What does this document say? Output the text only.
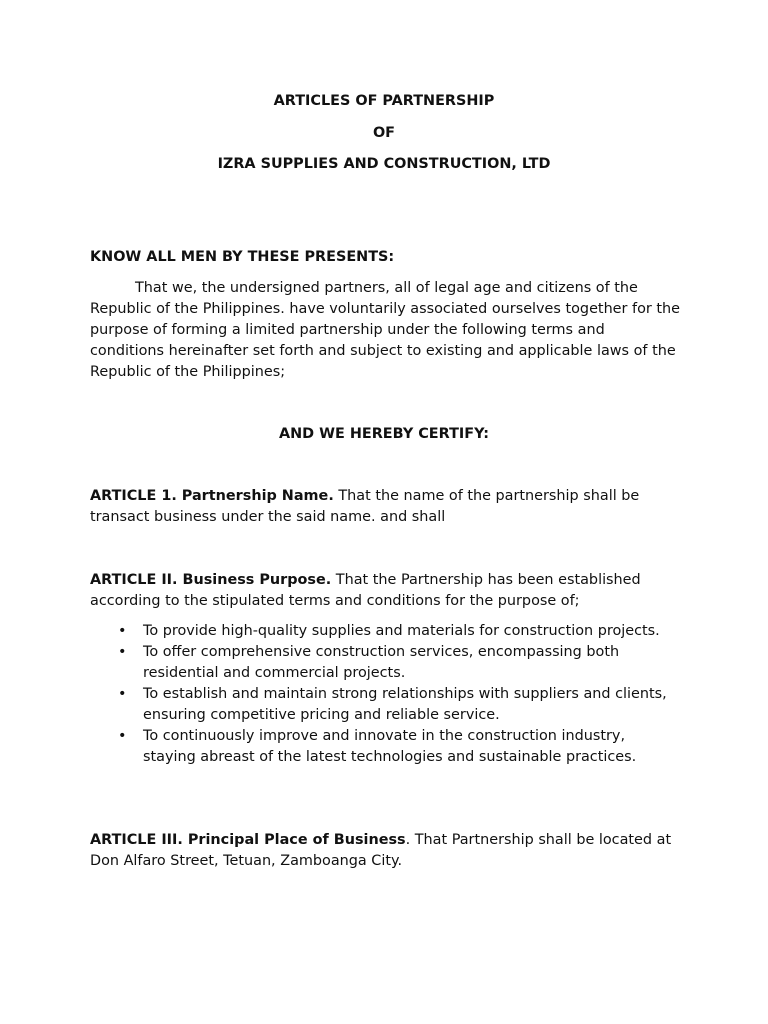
ARTICLES OF PARTNERSHIP
OF
IZRA SUPPLIES AND CONSTRUCTION, LTD
KNOW ALL MEN BY THESE PRESENTS:
That we, the undersigned partners, all of legal age and citizens of the Republic of the Philippines. have voluntarily associated ourselves together for the purpose of forming a limited partnership under the following terms and conditions hereinafter set forth and subject to existing and applicable laws of the Republic of the Philippines;
AND WE HEREBY CERTIFY:
ARTICLE 1. Partnership Name. That the name of the partnership shall be transact business under the said name. and shall
ARTICLE II. Business Purpose. That the Partnership has been established according to the stipulated terms and conditions for the purpose of;
• To provide high-quality supplies and materials for construction projects.
• To offer comprehensive construction services, encompassing both residential and commercial projects.
• To establish and maintain strong relationships with suppliers and clients, ensuring competitive pricing and reliable service.
• To continuously improve and innovate in the construction industry, staying abreast of the latest technologies and sustainable practices.
ARTICLE III. Principal Place of Business. That Partnership shall be located at Don Alfaro Street, Tetuan, Zamboanga City.
